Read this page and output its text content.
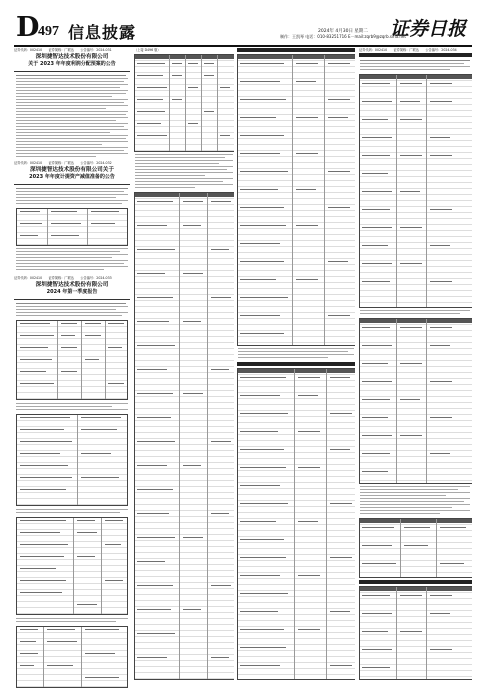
D
497 信息披露	2024年 4月30日 星期二
制作：王凯琴 电话：010-83251716 E－mail:zqrb9@zqrb.sina.net
证券日报
证券代码：002410　　证券简称：广联达　　公告编号：2024-031
深圳捷智达技术股份有限公司
关于 2023 年年度利润分配预案的公告
证券代码：002410　　证券简称：广联达　　公告编号：2024-032
深圳捷智达技术股份有限公司关于
2023 年年度计提资产减值准备的公告
证券代码：002410　　证券简称：广联达　　公告编号：2024-033
深圳捷智达技术股份有限公司
2024 年第一季度报告
（上接 D496 版）	证券代码：002410　　证券简称：广联达　　公告编号：2024-034
